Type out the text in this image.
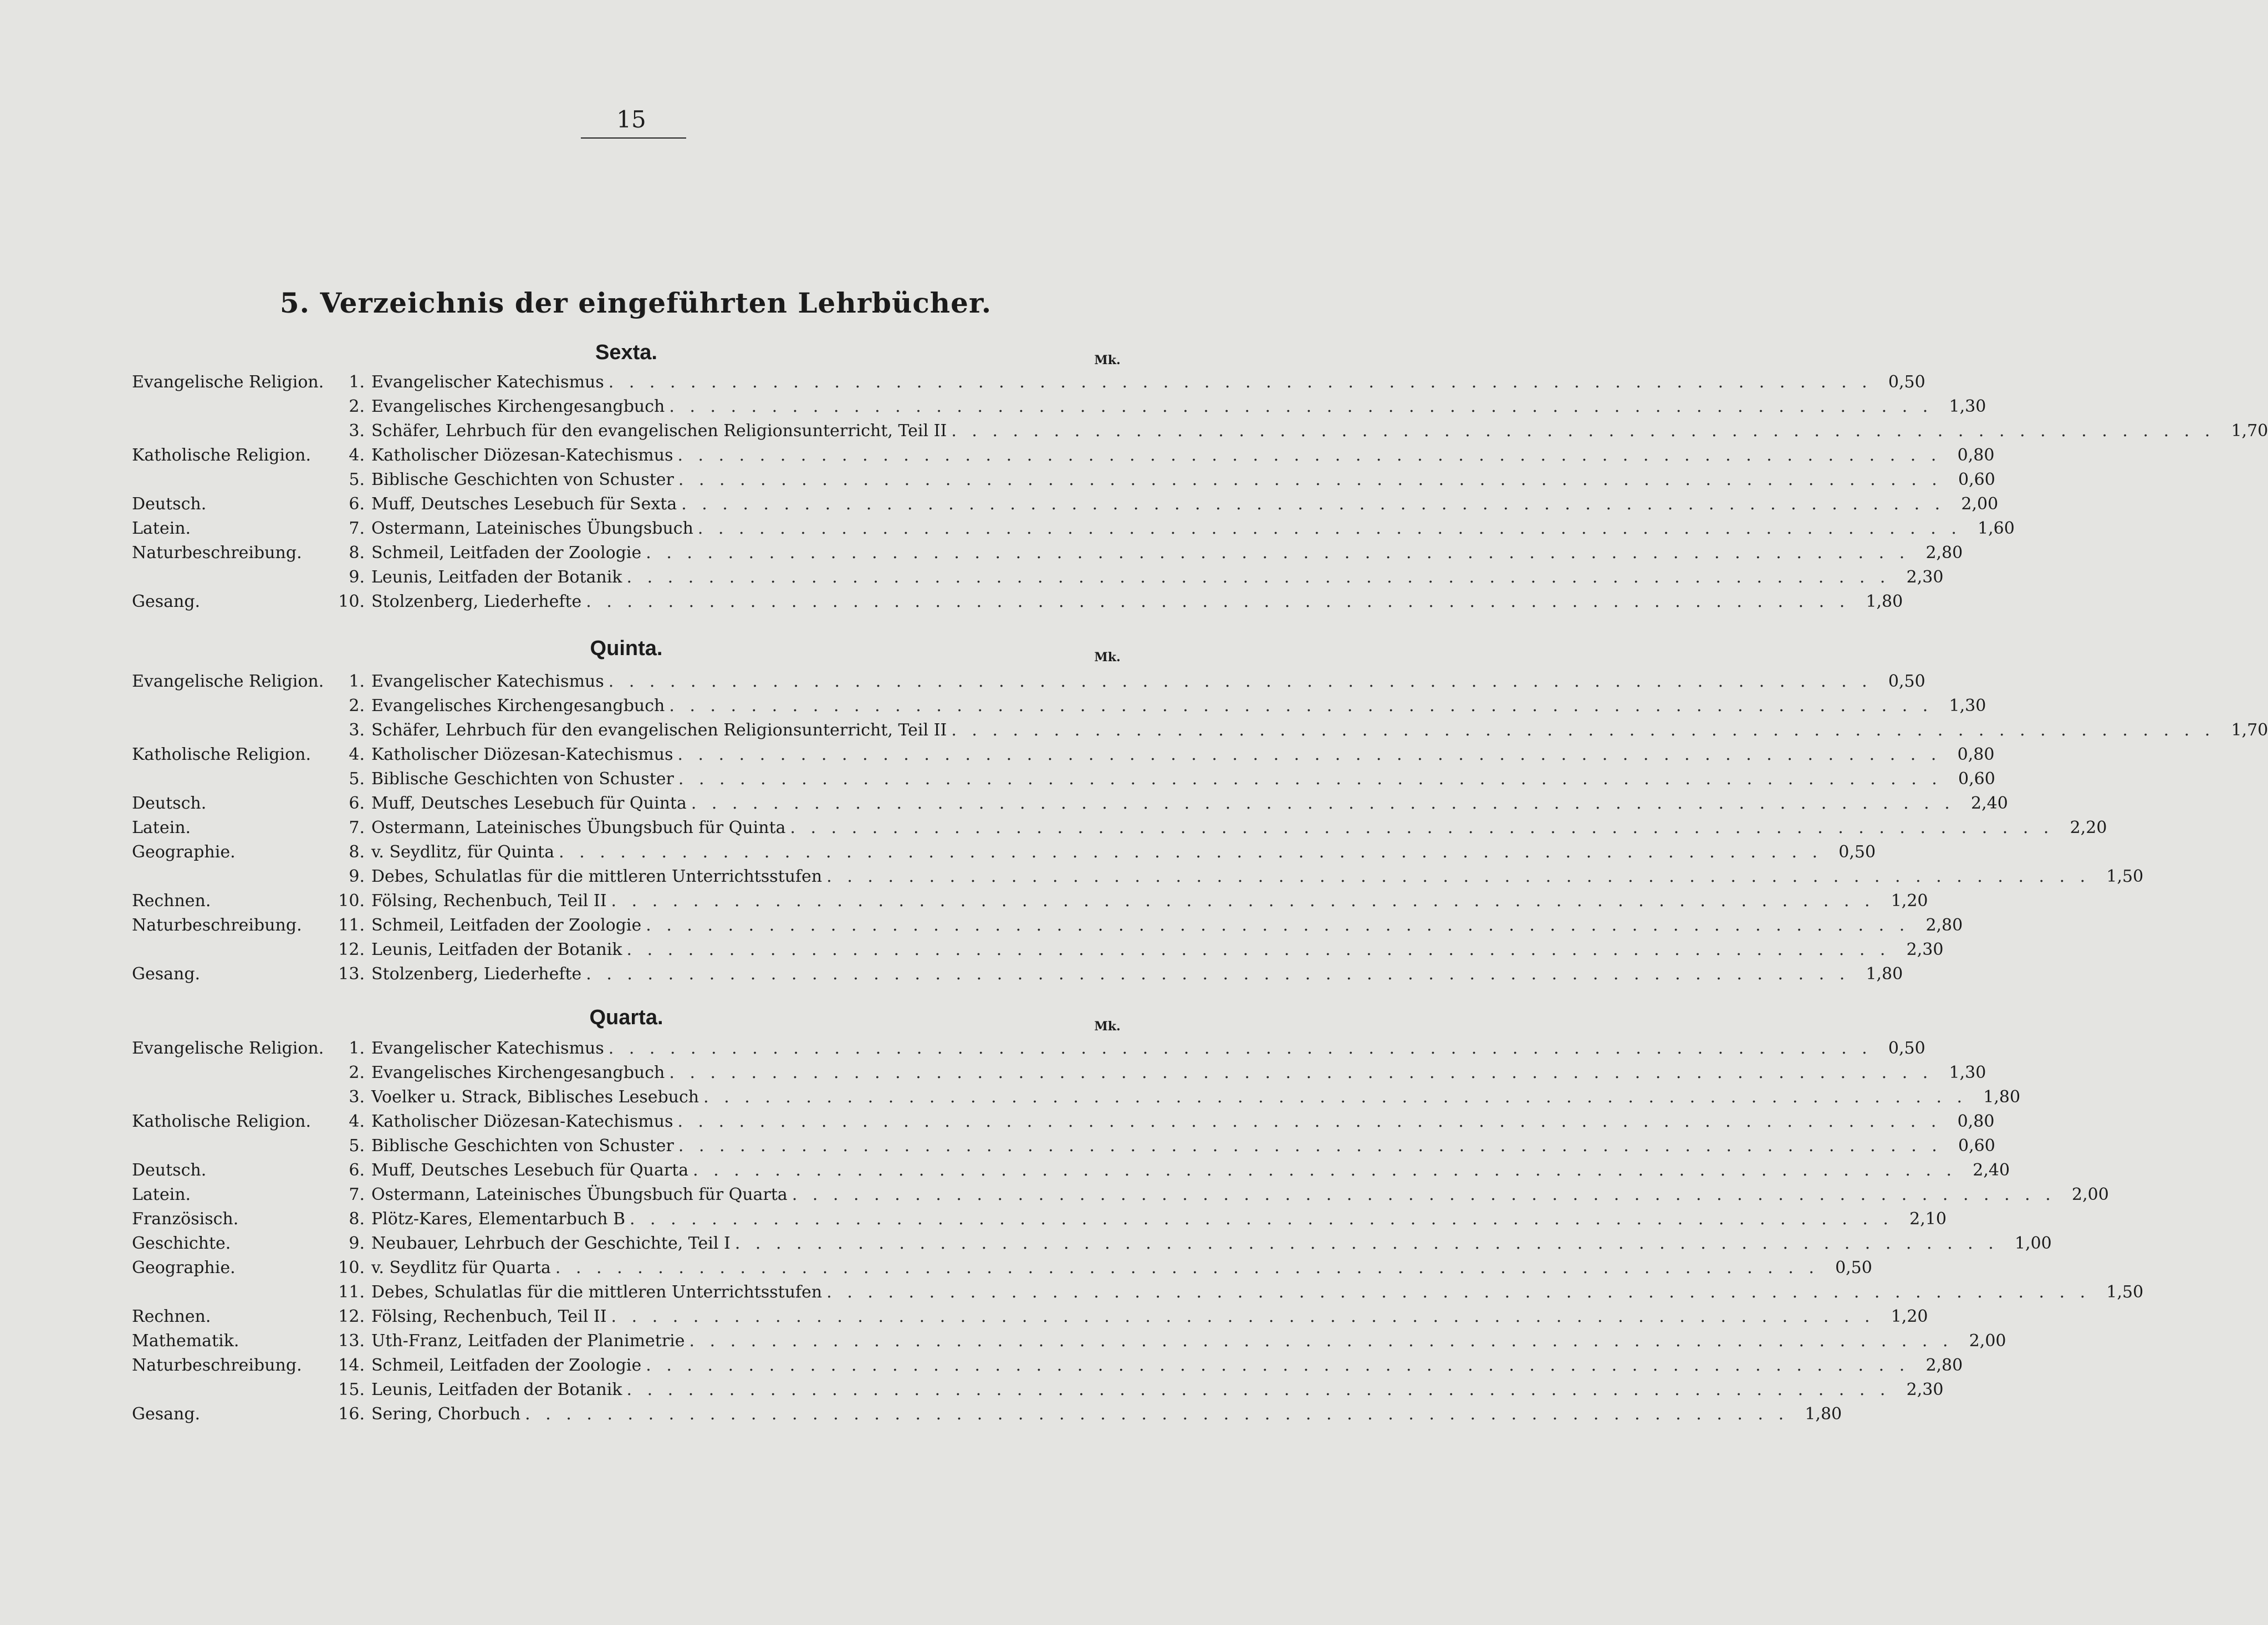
15
5. Verzeichnis der eingeführten Lehrbücher.
Sexta.	Mk.
Evangelische Religion.	1. Evangelischer Katechismus . . . . . . . . . . . . . . . . . . . . . . . . . . . . . . . . . . . . . . . . . . . . . . . . . . . . . . . . . . . . . . 0,50
2. Evangelisches Kirchengesangbuch . . . . . . . . . . . . . . . . . . . . . . . . . . . . . . . . . . . . . . . . . . . . . . . . . . . . . . . . . . . . . . 1,30
3. Schäfer, Lehrbuch für den evangelischen Religionsunterricht, Teil II . . . . . . . . . . . . . . . . . . . . . . . . . . . . . . . . . . . . . . . . . . . . . . . . . . . . . . . . . . . . . . 1,70
Katholische Religion.	4. Katholischer Diözesan-Katechismus . . . . . . . . . . . . . . . . . . . . . . . . . . . . . . . . . . . . . . . . . . . . . . . . . . . . . . . . . . . . . . 0,80
5. Biblische Geschichten von Schuster . . . . . . . . . . . . . . . . . . . . . . . . . . . . . . . . . . . . . . . . . . . . . . . . . . . . . . . . . . . . . . 0,60
Deutsch.	6. Muff, Deutsches Lesebuch für Sexta . . . . . . . . . . . . . . . . . . . . . . . . . . . . . . . . . . . . . . . . . . . . . . . . . . . . . . . . . . . . . . 2,00
Latein.	7. Ostermann, Lateinisches Übungsbuch . . . . . . . . . . . . . . . . . . . . . . . . . . . . . . . . . . . . . . . . . . . . . . . . . . . . . . . . . . . . . . 1,60
Naturbeschreibung.	8. Schmeil, Leitfaden der Zoologie . . . . . . . . . . . . . . . . . . . . . . . . . . . . . . . . . . . . . . . . . . . . . . . . . . . . . . . . . . . . . . 2,80
9. Leunis, Leitfaden der Botanik . . . . . . . . . . . . . . . . . . . . . . . . . . . . . . . . . . . . . . . . . . . . . . . . . . . . . . . . . . . . . . 2,30
Gesang.	10. Stolzenberg, Liederhefte . . . . . . . . . . . . . . . . . . . . . . . . . . . . . . . . . . . . . . . . . . . . . . . . . . . . . . . . . . . . . . 1,80
Quinta.	Mk.
Evangelische Religion.	1. Evangelischer Katechismus . . . . . . . . . . . . . . . . . . . . . . . . . . . . . . . . . . . . . . . . . . . . . . . . . . . . . . . . . . . . . . 0,50
2. Evangelisches Kirchengesangbuch . . . . . . . . . . . . . . . . . . . . . . . . . . . . . . . . . . . . . . . . . . . . . . . . . . . . . . . . . . . . . . 1,30
3. Schäfer, Lehrbuch für den evangelischen Religionsunterricht, Teil II . . . . . . . . . . . . . . . . . . . . . . . . . . . . . . . . . . . . . . . . . . . . . . . . . . . . . . . . . . . . . . 1,70
Katholische Religion.	4. Katholischer Diözesan-Katechismus . . . . . . . . . . . . . . . . . . . . . . . . . . . . . . . . . . . . . . . . . . . . . . . . . . . . . . . . . . . . . . 0,80
5. Biblische Geschichten von Schuster . . . . . . . . . . . . . . . . . . . . . . . . . . . . . . . . . . . . . . . . . . . . . . . . . . . . . . . . . . . . . . 0,60
Deutsch.	6. Muff, Deutsches Lesebuch für Quinta . . . . . . . . . . . . . . . . . . . . . . . . . . . . . . . . . . . . . . . . . . . . . . . . . . . . . . . . . . . . . . 2,40
Latein.	7. Ostermann, Lateinisches Übungsbuch für Quinta . . . . . . . . . . . . . . . . . . . . . . . . . . . . . . . . . . . . . . . . . . . . . . . . . . . . . . . . . . . . . . 2,20
Geographie.	8. v. Seydlitz, für Quinta . . . . . . . . . . . . . . . . . . . . . . . . . . . . . . . . . . . . . . . . . . . . . . . . . . . . . . . . . . . . . . 0,50
9. Debes, Schulatlas für die mittleren Unterrichtsstufen . . . . . . . . . . . . . . . . . . . . . . . . . . . . . . . . . . . . . . . . . . . . . . . . . . . . . . . . . . . . . . 1,50
Rechnen.	10. Fölsing, Rechenbuch, Teil II . . . . . . . . . . . . . . . . . . . . . . . . . . . . . . . . . . . . . . . . . . . . . . . . . . . . . . . . . . . . . . 1,20
Naturbeschreibung.	11. Schmeil, Leitfaden der Zoologie . . . . . . . . . . . . . . . . . . . . . . . . . . . . . . . . . . . . . . . . . . . . . . . . . . . . . . . . . . . . . . 2,80
12. Leunis, Leitfaden der Botanik . . . . . . . . . . . . . . . . . . . . . . . . . . . . . . . . . . . . . . . . . . . . . . . . . . . . . . . . . . . . . . 2,30
Gesang.	13. Stolzenberg, Liederhefte . . . . . . . . . . . . . . . . . . . . . . . . . . . . . . . . . . . . . . . . . . . . . . . . . . . . . . . . . . . . . . 1,80
Quarta.	Mk.
Evangelische Religion.	1. Evangelischer Katechismus . . . . . . . . . . . . . . . . . . . . . . . . . . . . . . . . . . . . . . . . . . . . . . . . . . . . . . . . . . . . . . 0,50
2. Evangelisches Kirchengesangbuch . . . . . . . . . . . . . . . . . . . . . . . . . . . . . . . . . . . . . . . . . . . . . . . . . . . . . . . . . . . . . . 1,30
3. Voelker u. Strack, Biblisches Lesebuch . . . . . . . . . . . . . . . . . . . . . . . . . . . . . . . . . . . . . . . . . . . . . . . . . . . . . . . . . . . . . . 1,80
Katholische Religion.	4. Katholischer Diözesan-Katechismus . . . . . . . . . . . . . . . . . . . . . . . . . . . . . . . . . . . . . . . . . . . . . . . . . . . . . . . . . . . . . . 0,80
5. Biblische Geschichten von Schuster . . . . . . . . . . . . . . . . . . . . . . . . . . . . . . . . . . . . . . . . . . . . . . . . . . . . . . . . . . . . . . 0,60
Deutsch.	6. Muff, Deutsches Lesebuch für Quarta . . . . . . . . . . . . . . . . . . . . . . . . . . . . . . . . . . . . . . . . . . . . . . . . . . . . . . . . . . . . . . 2,40
Latein.	7. Ostermann, Lateinisches Übungsbuch für Quarta . . . . . . . . . . . . . . . . . . . . . . . . . . . . . . . . . . . . . . . . . . . . . . . . . . . . . . . . . . . . . . 2,00
Französisch.	8. Plötz-Kares, Elementarbuch B . . . . . . . . . . . . . . . . . . . . . . . . . . . . . . . . . . . . . . . . . . . . . . . . . . . . . . . . . . . . . . 2,10
Geschichte.	9. Neubauer, Lehrbuch der Geschichte, Teil I . . . . . . . . . . . . . . . . . . . . . . . . . . . . . . . . . . . . . . . . . . . . . . . . . . . . . . . . . . . . . . 1,00
Geographie.	10. v. Seydlitz für Quarta . . . . . . . . . . . . . . . . . . . . . . . . . . . . . . . . . . . . . . . . . . . . . . . . . . . . . . . . . . . . . . 0,50
11. Debes, Schulatlas für die mittleren Unterrichtsstufen . . . . . . . . . . . . . . . . . . . . . . . . . . . . . . . . . . . . . . . . . . . . . . . . . . . . . . . . . . . . . . 1,50
Rechnen.	12. Fölsing, Rechenbuch, Teil II . . . . . . . . . . . . . . . . . . . . . . . . . . . . . . . . . . . . . . . . . . . . . . . . . . . . . . . . . . . . . . 1,20
Mathematik.	13. Uth-Franz, Leitfaden der Planimetrie . . . . . . . . . . . . . . . . . . . . . . . . . . . . . . . . . . . . . . . . . . . . . . . . . . . . . . . . . . . . . . 2,00
Naturbeschreibung.	14. Schmeil, Leitfaden der Zoologie . . . . . . . . . . . . . . . . . . . . . . . . . . . . . . . . . . . . . . . . . . . . . . . . . . . . . . . . . . . . . . 2,80
15. Leunis, Leitfaden der Botanik . . . . . . . . . . . . . . . . . . . . . . . . . . . . . . . . . . . . . . . . . . . . . . . . . . . . . . . . . . . . . . 2,30
Gesang.	16. Sering, Chorbuch . . . . . . . . . . . . . . . . . . . . . . . . . . . . . . . . . . . . . . . . . . . . . . . . . . . . . . . . . . . . . . 1,80
